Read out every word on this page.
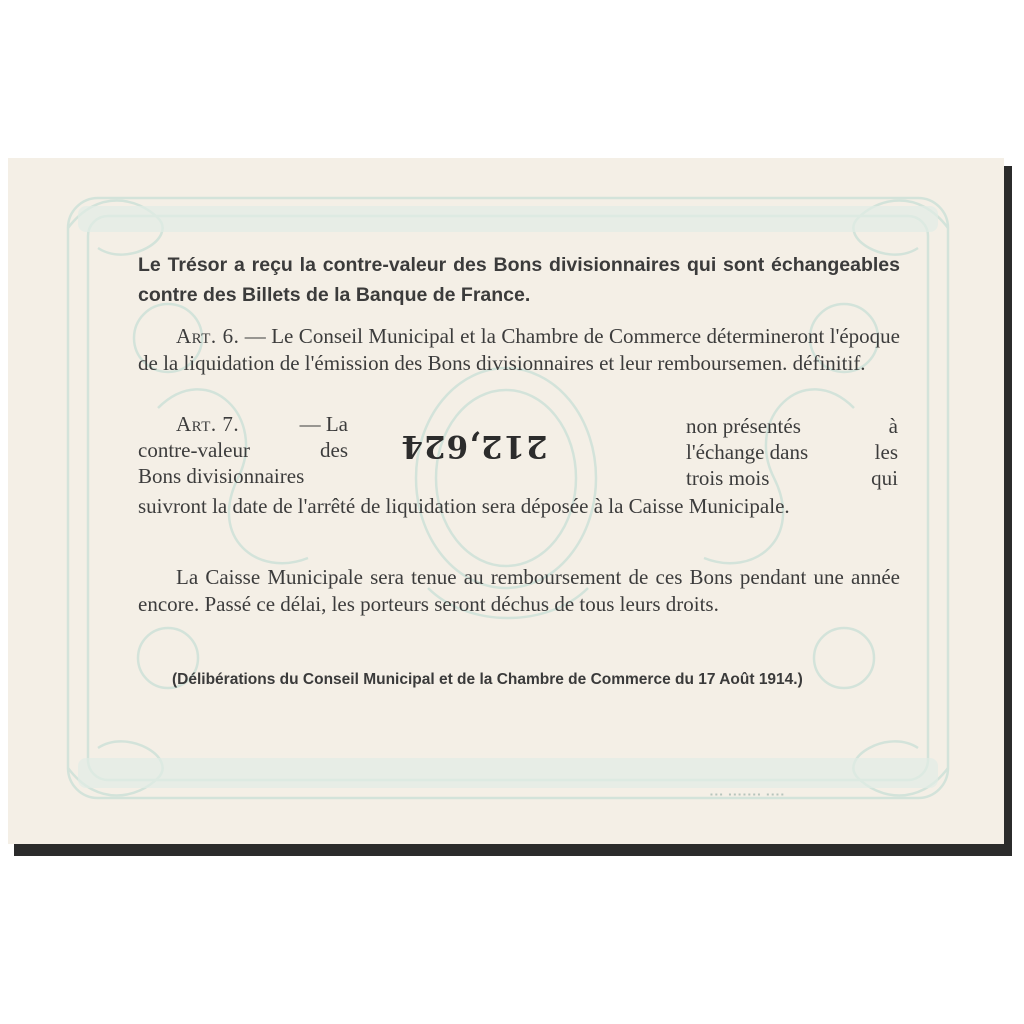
Le Trésor a reçu la contre-valeur des Bons divisionnaires qui sont échangeables contre des Billets de la Banque de France.
Art. 6. — Le Conseil Municipal et la Chambre de Commerce détermineront l'époque de la liquidation de l'émission des Bons divisionnaires et leur remboursemen. définitif.
Art. 7.	— La
contre-valeur	des
Bons divisionnaires
212,624
non présentés	à
l'échange dans	les
trois mois	qui
suivront la date de l'arrêté de liquidation sera déposée à la Caisse Municipale.
La Caisse Municipale sera tenue au remboursement de ces Bons pendant une année encore. Passé ce délai, les porteurs seront déchus de tous leurs droits.
(Délibérations du Conseil Municipal et de la Chambre de Commerce du 17 Août 1914.)
▪▪▪ ▪▪▪▪▪▪▪ ▪▪▪▪
